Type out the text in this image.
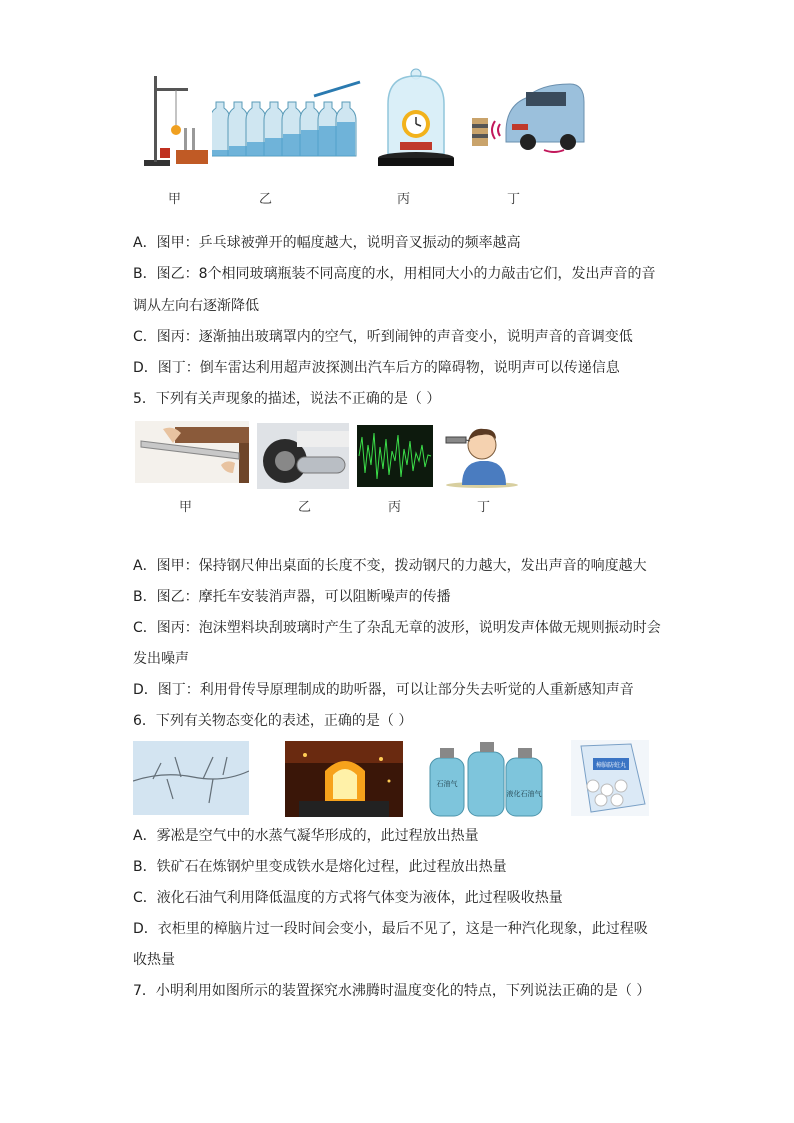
甲	乙	丙	丁
A．图甲：乒乓球被弹开的幅度越大，说明音叉振动的频率越高
B．图乙：8个相同玻璃瓶装不同高度的水，用相同大小的力敲击它们，发出声音的音
调从左向右逐渐降低
C．图丙：逐渐抽出玻璃罩内的空气，听到闹钟的声音变小，说明声音的音调变低
D．图丁：倒车雷达利用超声波探测出汽车后方的障碍物，说明声可以传递信息
5．下列有关声现象的描述，说法不正确的是（ ）
甲	乙	丙	丁
A．图甲：保持钢尺伸出桌面的长度不变，拨动钢尺的力越大，发出声音的响度越大
B．图乙：摩托车安装消声器，可以阻断噪声的传播
C．图丙：泡沫塑料块刮玻璃时产生了杂乱无章的波形，说明发声体做无规则振动时会
发出噪声
D．图丁：利用骨传导原理制成的助听器，可以让部分失去听觉的人重新感知声音
6．下列有关物态变化的表述，正确的是（ ）
石油气
液化石油气
樟脑防蛀丸
A．雾凇是空气中的水蒸气凝华形成的，此过程放出热量
B．铁矿石在炼钢炉里变成铁水是熔化过程，此过程放出热量
C．液化石油气利用降低温度的方式将气体变为液体，此过程吸收热量
D．衣柜里的樟脑片过一段时间会变小，最后不见了，这是一种汽化现象，此过程吸
收热量
7．小明利用如图所示的装置探究水沸腾时温度变化的特点，下列说法正确的是（ ）
